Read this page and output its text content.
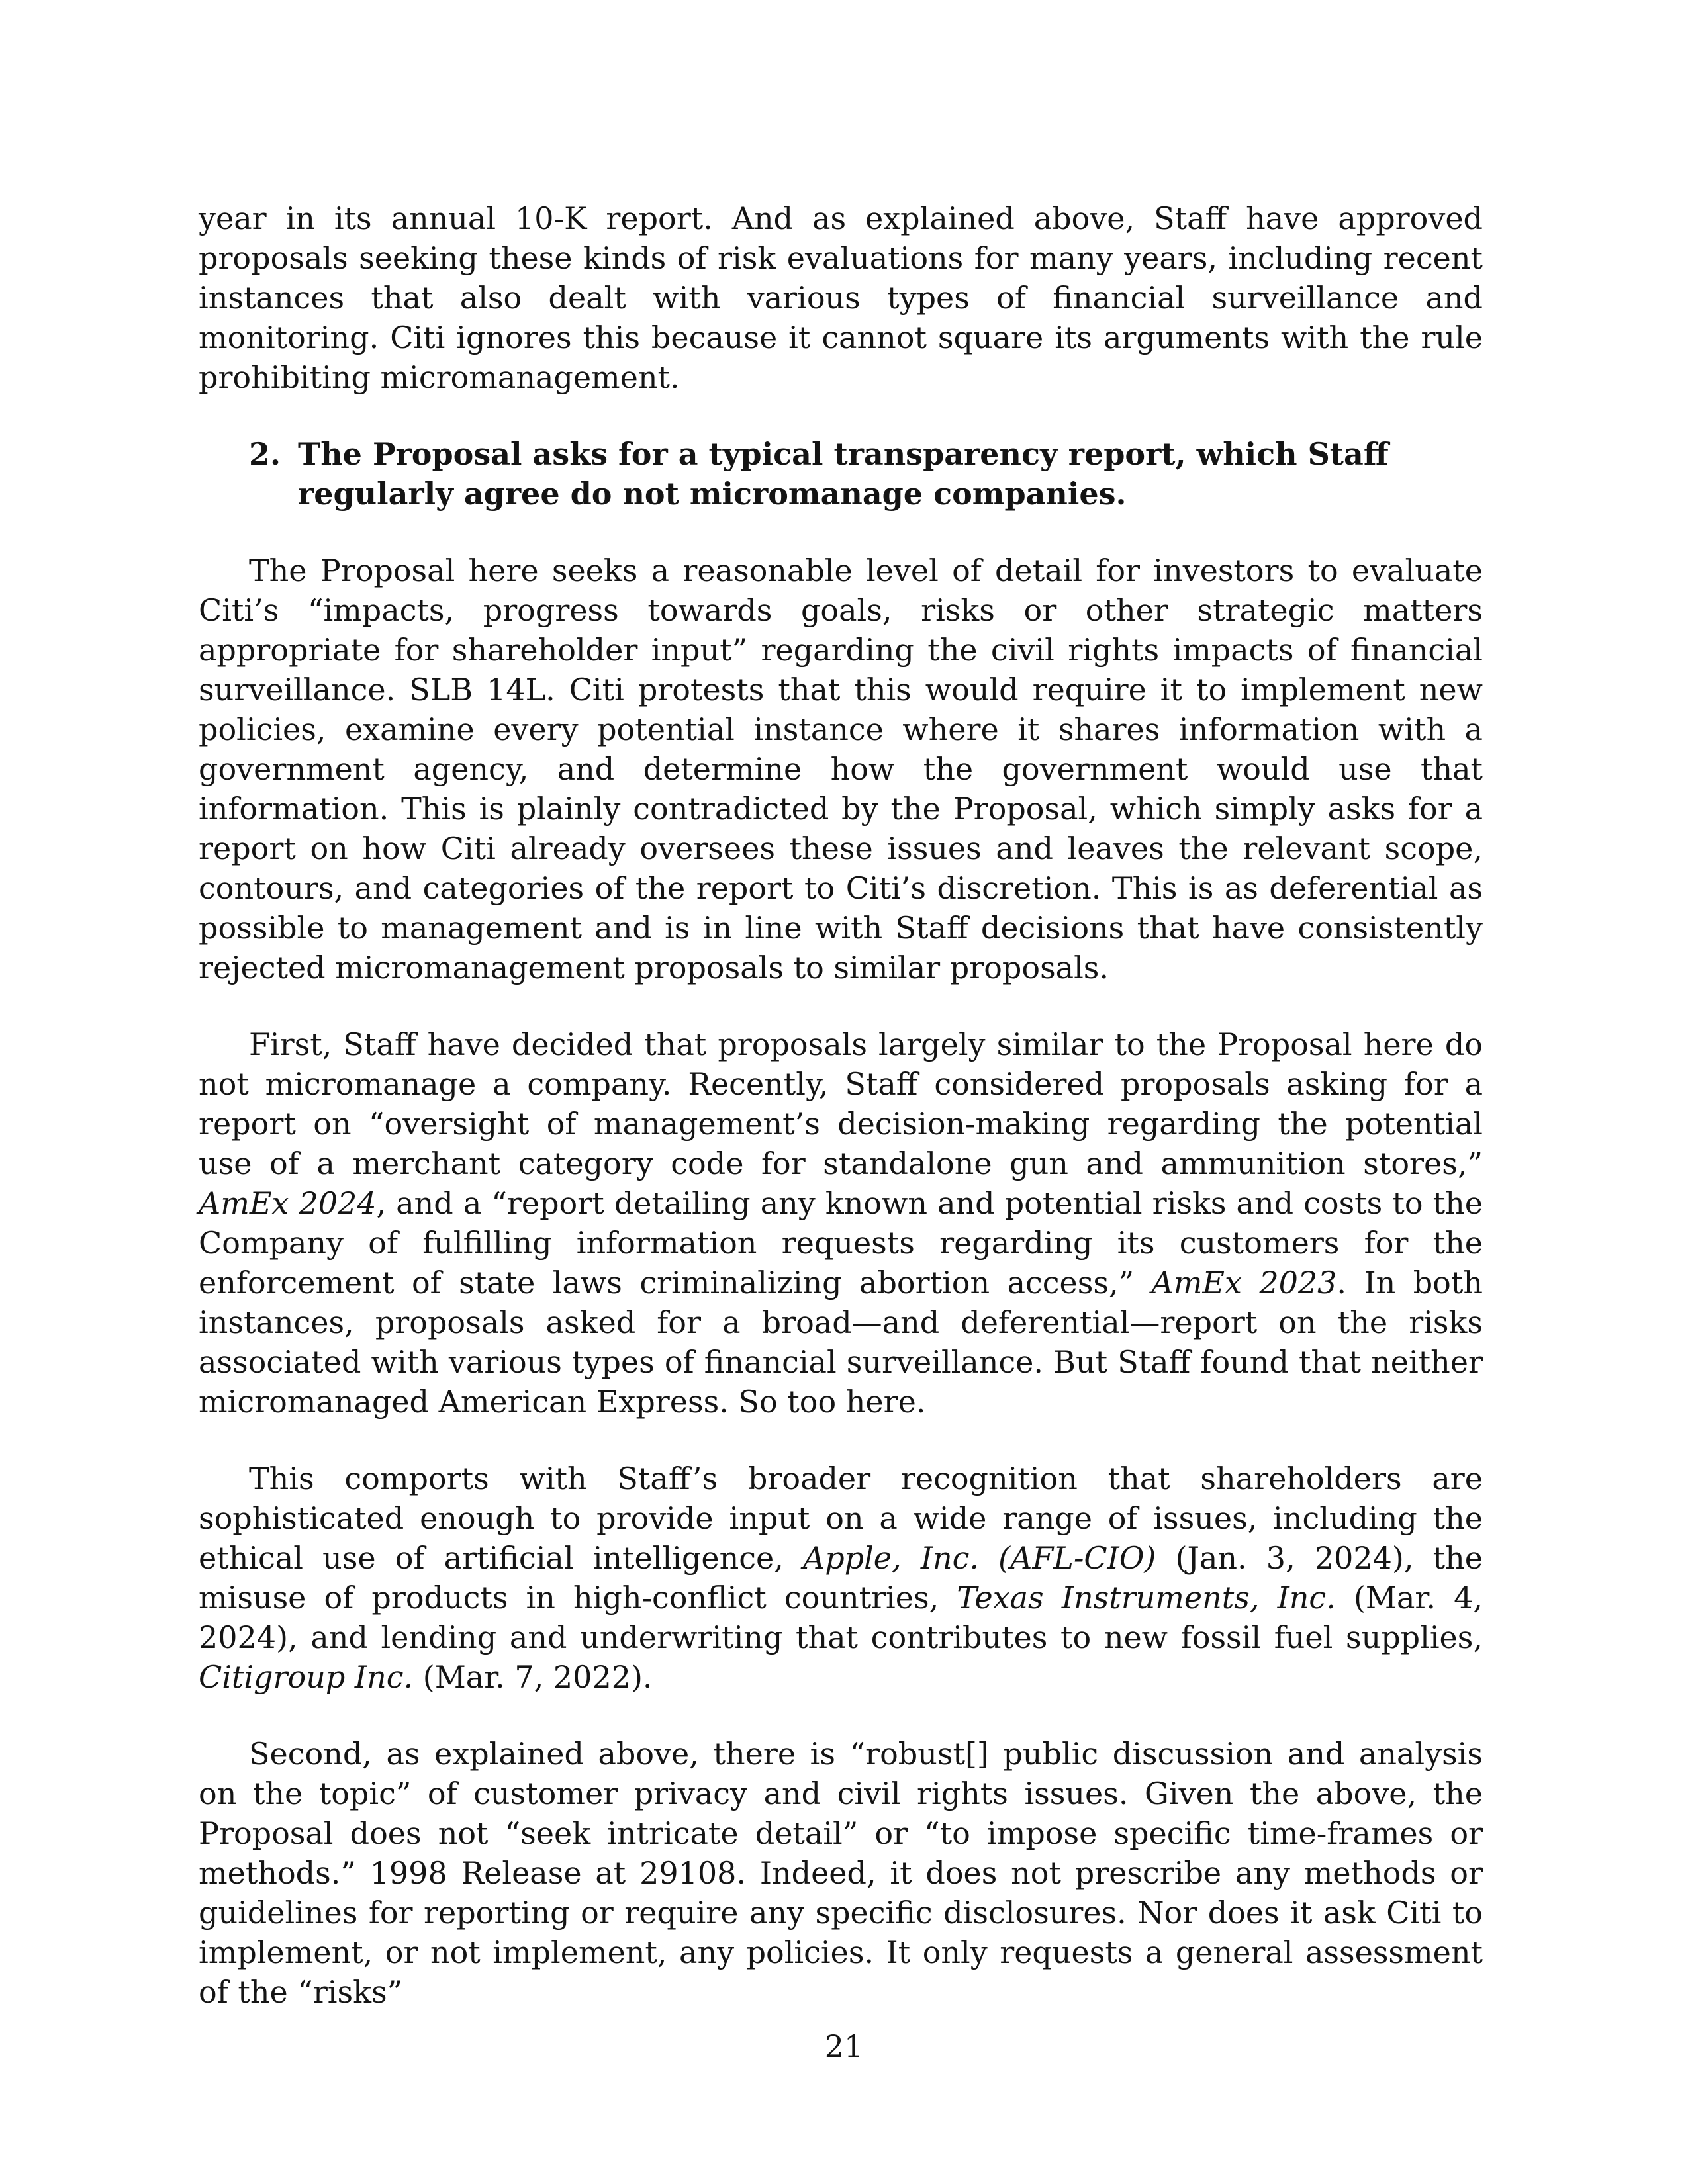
year in its annual 10-K report. And as explained above, Staff have approved proposals seeking these kinds of risk evaluations for many years, including recent instances that also dealt with various types of financial surveillance and monitoring. Citi ignores this because it cannot square its arguments with the rule prohibiting micromanagement.

2. The Proposal asks for a typical transparency report, which Staff regularly agree do not micromanage companies.

The Proposal here seeks a reasonable level of detail for investors to evaluate Citi’s “impacts, progress towards goals, risks or other strategic matters appropriate for shareholder input” regarding the civil rights impacts of financial surveillance. SLB 14L. Citi protests that this would require it to implement new policies, examine every potential instance where it shares information with a government agency, and determine how the government would use that information. This is plainly contradicted by the Proposal, which simply asks for a report on how Citi already oversees these issues and leaves the relevant scope, contours, and categories of the report to Citi’s discretion. This is as deferential as possible to management and is in line with Staff decisions that have consistently rejected micromanagement proposals to similar proposals.

First, Staff have decided that proposals largely similar to the Proposal here do not micromanage a company. Recently, Staff considered proposals asking for a report on “oversight of management’s decision-making regarding the potential use of a merchant category code for standalone gun and ammunition stores,” AmEx 2024, and a “report detailing any known and potential risks and costs to the Company of fulfilling information requests regarding its customers for the enforcement of state laws criminalizing abortion access,” AmEx 2023. In both instances, proposals asked for a broad—and deferential—report on the risks associated with various types of financial surveillance. But Staff found that neither micromanaged American Express. So too here.

This comports with Staff’s broader recognition that shareholders are sophisticated enough to provide input on a wide range of issues, including the ethical use of artificial intelligence, Apple, Inc. (AFL-CIO) (Jan. 3, 2024), the misuse of products in high-conflict countries, Texas Instruments, Inc. (Mar. 4, 2024), and lending and underwriting that contributes to new fossil fuel supplies, Citigroup Inc. (Mar. 7, 2022).

Second, as explained above, there is “robust[] public discussion and analysis on the topic” of customer privacy and civil rights issues. Given the above, the Proposal does not “seek intricate detail” or “to impose specific time-frames or methods.” 1998 Release at 29108. Indeed, it does not prescribe any methods or guidelines for reporting or require any specific disclosures. Nor does it ask Citi to implement, or not implement, any policies. It only requests a general assessment of the “risks”

21
